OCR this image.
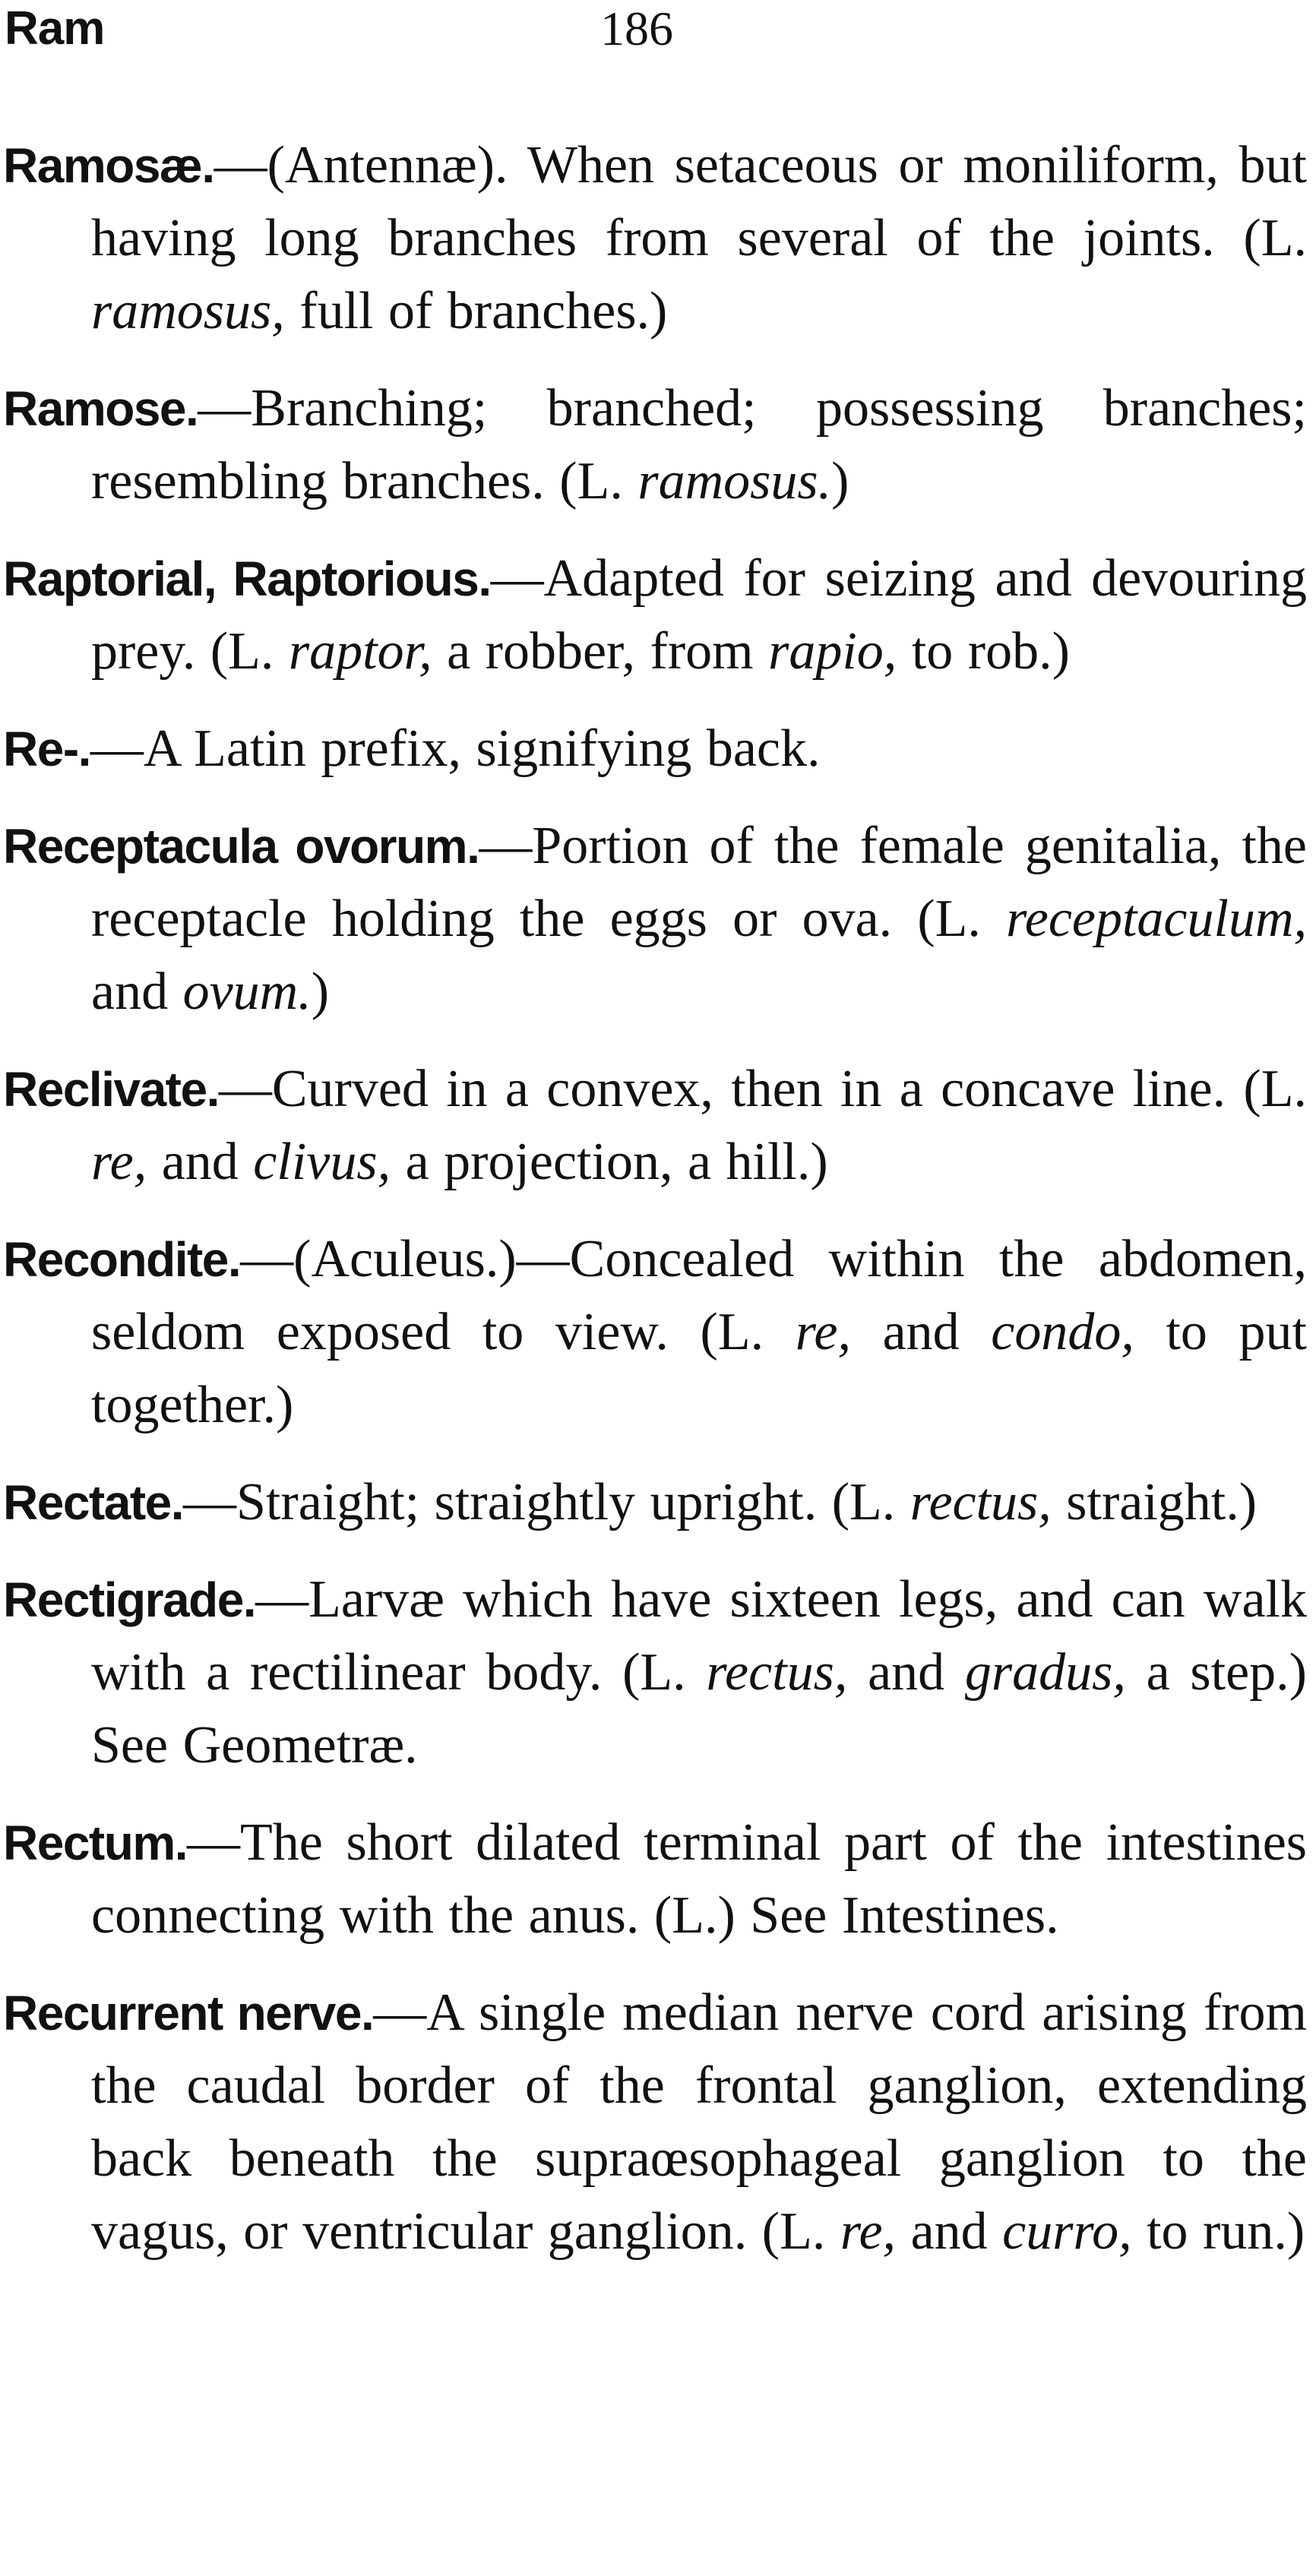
Ram	186

Ramosæ.—(Antennæ). When setaceous or moniliform, but having long branches from several of the joints. (L. ramosus, full of branches.)

Ramose.—Branching; branched; possessing branches; resembling branches. (L. ramosus.)

Raptorial, Raptorious.—Adapted for seizing and devouring prey. (L. raptor, a robber, from rapio, to rob.)

Re-.—A Latin prefix, signifying back.

Receptacula ovorum.—Portion of the female genitalia, the receptacle holding the eggs or ova. (L. receptaculum, and ovum.)

Reclivate.—Curved in a convex, then in a concave line. (L. re, and clivus, a projection, a hill.)

Recondite.—(Aculeus.)—Concealed within the abdomen, seldom exposed to view. (L. re, and condo, to put together.)

Rectate.—Straight; straightly upright. (L. rectus, straight.)

Rectigrade.—Larvæ which have sixteen legs, and can walk with a rectilinear body. (L. rectus, and gradus, a step.) See Geometræ.

Rectum.—The short dilated terminal part of the intestines connecting with the anus. (L.) See Intestines.

Recurrent nerve.—A single median nerve cord arising from the caudal border of the frontal ganglion, extending back beneath the supraœsophageal ganglion to the vagus, or ventricular ganglion. (L. re, and curro, to run.)
